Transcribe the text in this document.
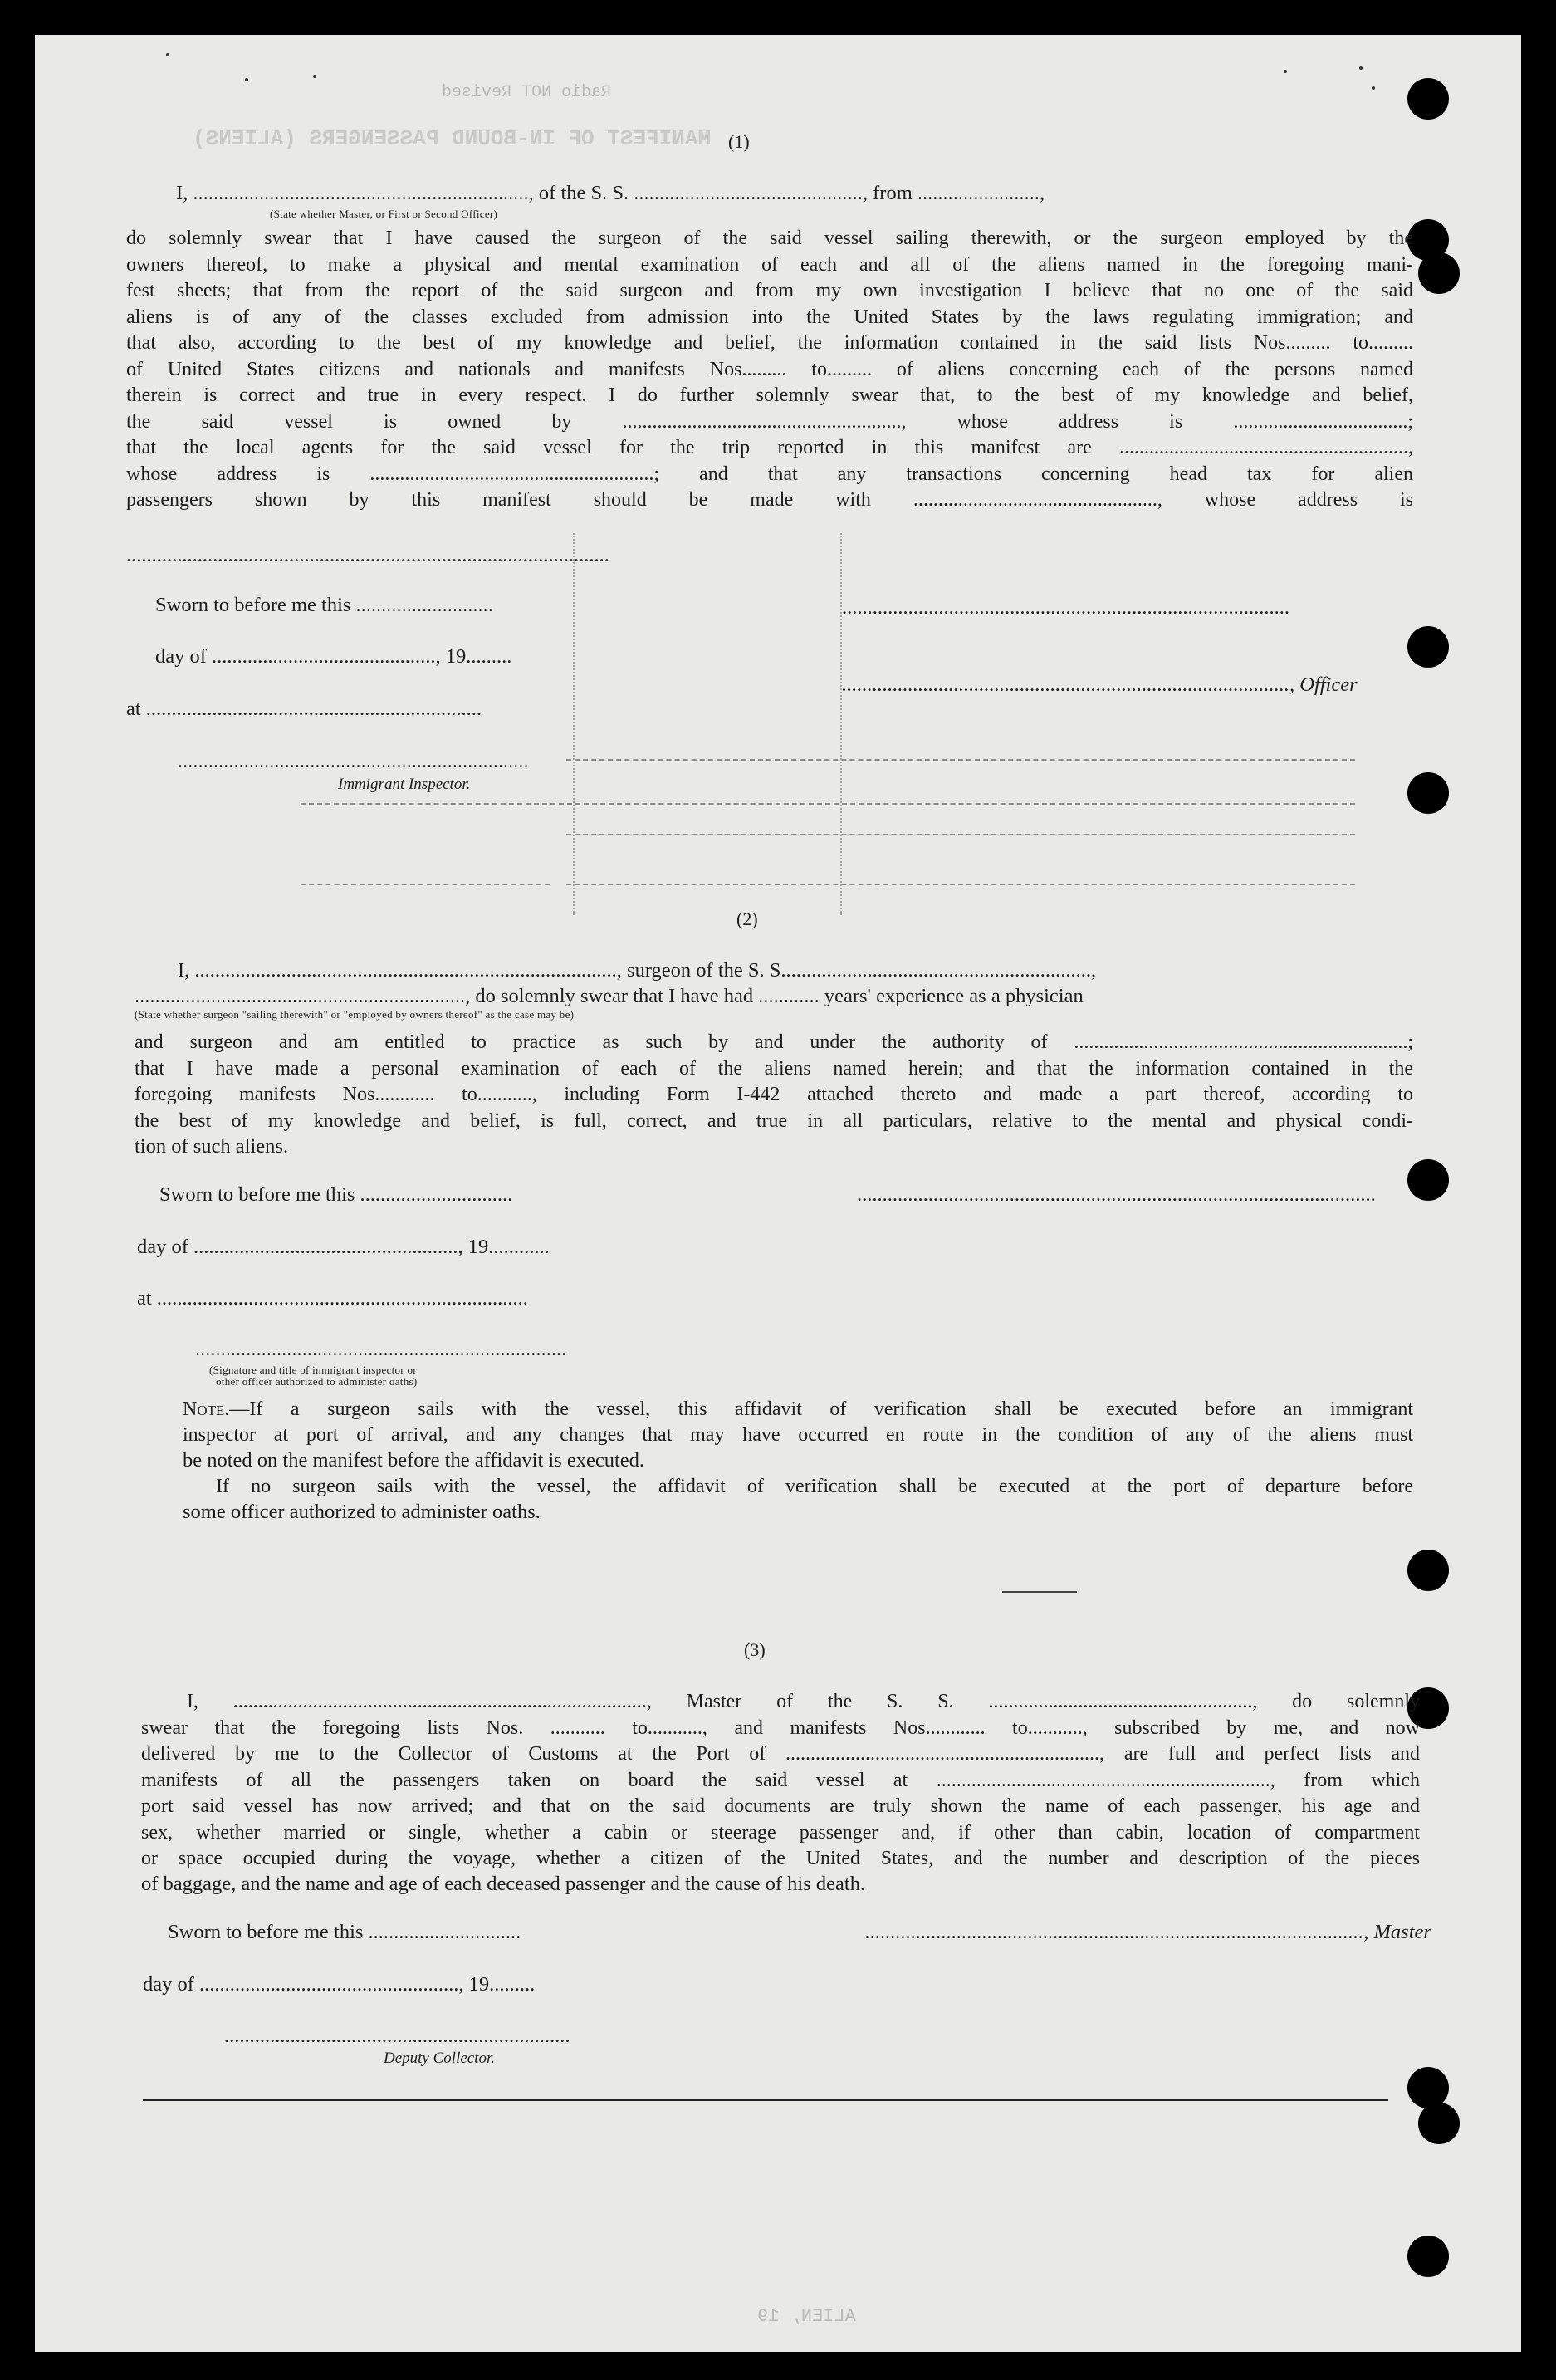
Radio NOT Revised
MANIFEST OF IN-BOUND PASSENGERS (ALIENS)
ALIEN, 19
(1)
I, .................................................................., of the S. S. ............................................., from ........................,
(State whether Master, or First or Second Officer)
do solemnly swear that I have caused the surgeon of the said vessel sailing therewith, or the surgeon employed by the
owners thereof, to make a physical and mental examination of each and all of the aliens named in the foregoing mani-
fest sheets; that from the report of the said surgeon and from my own investigation I believe that no one of the said
aliens is of any of the classes excluded from admission into the United States by the laws regulating immigration; and
that also, according to the best of my knowledge and belief, the information contained in the said lists Nos......... to.........
of United States citizens and nationals and manifests Nos......... to......... of aliens concerning each of the persons named
therein is correct and true in every respect. I do further solemnly swear that, to the best of my knowledge and belief,
the said vessel is owned by ........................................................, whose address is ...................................;
that the local agents for the said vessel for the trip reported in this manifest are ..........................................................,
whose address is .........................................................; and that any transactions concerning head tax for alien
passengers shown by this manifest should be made with ................................................., whose address is
...............................................................................................
Sworn to before me this ...........................
day of ............................................, 19.........
at ..................................................................
.....................................................................
Immigrant Inspector.
........................................................................................
........................................................................................, Officer
(2)
I, ..................................................................................., surgeon of the S. S.............................................................,
................................................................., do solemnly swear that I have had ............ years' experience as a physician
(State whether surgeon "sailing therewith" or "employed by owners thereof" as the case may be)
and surgeon and am entitled to practice as such by and under the authority of ...................................................................;
that I have made a personal examination of each of the aliens named herein; and that the information contained in the
foregoing manifests Nos............ to..........., including Form I-442 attached thereto and made a part thereof, according to
the best of my knowledge and belief, is full, correct, and true in all particulars, relative to the mental and physical condi-
tion of such aliens.
Sworn to before me this ..............................
day of ...................................................., 19............
at .........................................................................
......................................................................................................
.........................................................................
(Signature and title of immigrant inspector or
other officer authorized to administer oaths)
Note.—If a surgeon sails with the vessel, this affidavit of verification shall be executed before an immigrant
inspector at port of arrival, and any changes that may have occurred en route in the condition of any of the aliens must
be noted on the manifest before the affidavit is executed.
If no surgeon sails with the vessel, the affidavit of verification shall be executed at the port of departure before
some officer authorized to administer oaths.
(3)
I, ..................................................................................., Master of the S. S. ....................................................., do solemnly
swear that the foregoing lists Nos. ........... to..........., and manifests Nos............ to..........., subscribed by me, and now
delivered by me to the Collector of Customs at the Port of ..............................................................., are full and perfect lists and
manifests of all the passengers taken on board the said vessel at ..................................................................., from which
port said vessel has now arrived; and that on the said documents are truly shown the name of each passenger, his age and
sex, whether married or single, whether a cabin or steerage passenger and, if other than cabin, location of compartment
or space occupied during the voyage, whether a citizen of the United States, and the number and description of the pieces
of baggage, and the name and age of each deceased passenger and the cause of his death.
Sworn to before me this ..............................
day of ..................................................., 19.........
.................................................................................................., Master
....................................................................
Deputy Collector.
